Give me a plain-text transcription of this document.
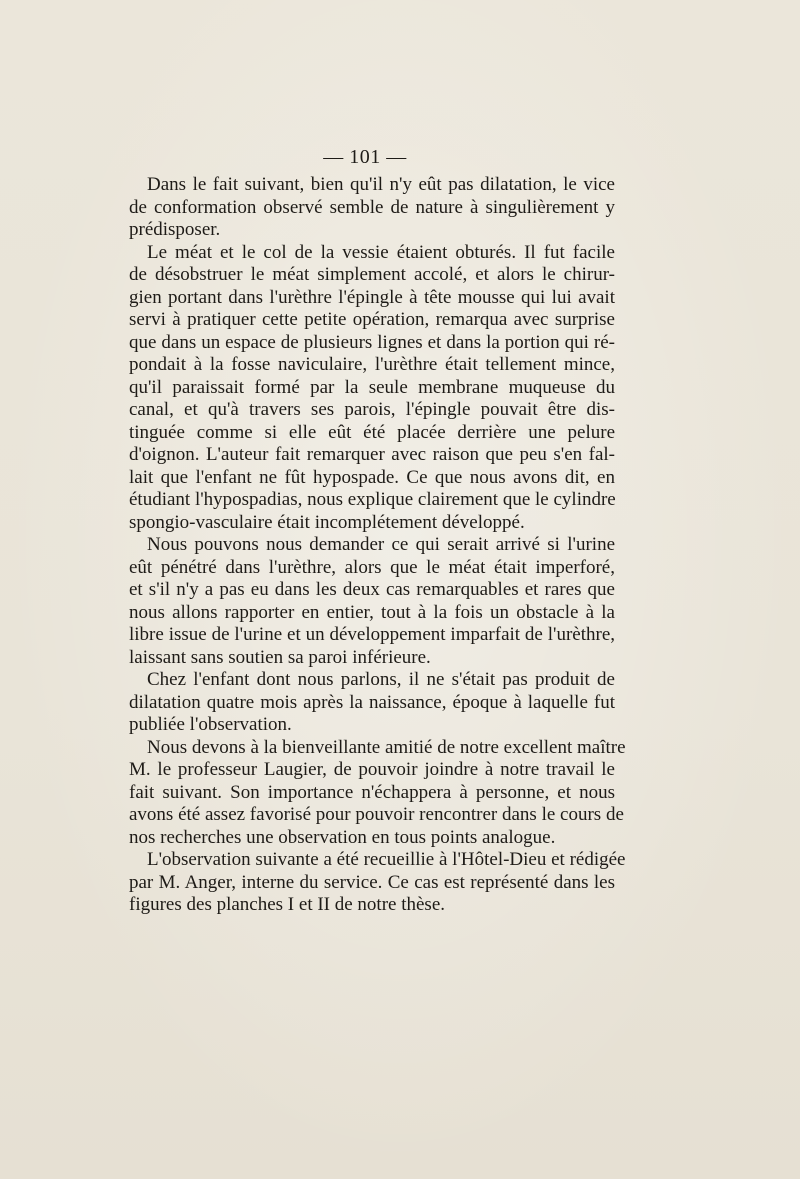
— 101 —
Dans le fait suivant, bien qu'il n'y eût pas dilatation, le vice
de conformation observé semble de nature à singulièrement y
prédisposer.
Le méat et le col de la vessie étaient obturés. Il fut facile
de désobstruer le méat simplement accolé, et alors le chirur-
gien portant dans l'urèthre l'épingle à tête mousse qui lui avait
servi à pratiquer cette petite opération, remarqua avec surprise
que dans un espace de plusieurs lignes et dans la portion qui ré-
pondait à la fosse naviculaire, l'urèthre était tellement mince,
qu'il paraissait formé par la seule membrane muqueuse du
canal, et qu'à travers ses parois, l'épingle pouvait être dis-
tinguée comme si elle eût été placée derrière une pelure
d'oignon. L'auteur fait remarquer avec raison que peu s'en fal-
lait que l'enfant ne fût hypospade. Ce que nous avons dit, en
étudiant l'hypospadias, nous explique clairement que le cylindre
spongio-vasculaire était incomplétement développé.
Nous pouvons nous demander ce qui serait arrivé si l'urine
eût pénétré dans l'urèthre, alors que le méat était imperforé,
et s'il n'y a pas eu dans les deux cas remarquables et rares que
nous allons rapporter en entier, tout à la fois un obstacle à la
libre issue de l'urine et un développement imparfait de l'urèthre,
laissant sans soutien sa paroi inférieure.
Chez l'enfant dont nous parlons, il ne s'était pas produit de
dilatation quatre mois après la naissance, époque à laquelle fut
publiée l'observation.
Nous devons à la bienveillante amitié de notre excellent maître
M. le professeur Laugier, de pouvoir joindre à notre travail le
fait suivant. Son importance n'échappera à personne, et nous
avons été assez favorisé pour pouvoir rencontrer dans le cours de
nos recherches une observation en tous points analogue.
L'observation suivante a été recueillie à l'Hôtel-Dieu et rédigée
par M. Anger, interne du service. Ce cas est représenté dans les
figures des planches I et II de notre thèse.
